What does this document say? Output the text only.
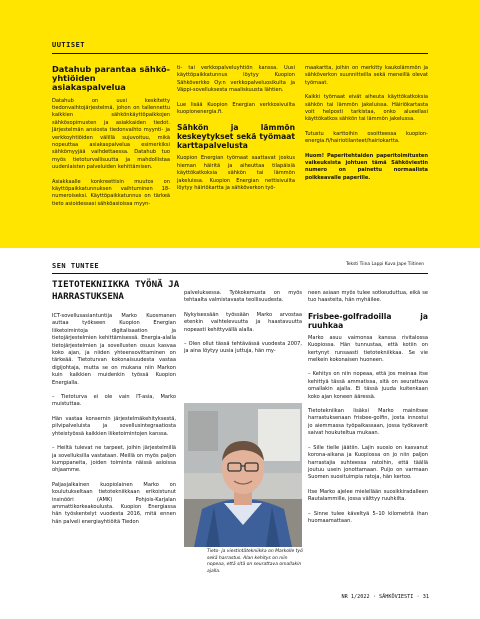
UUTISET
Datahub parantaa sähköyhtiöiden asiakaspalvelua

Datahub on uusi keskitetty tiedonvaihtojärjestelmä, johon on tallennettu kaikkien sähkönkäyttöpaikkojen sähkösopimusten ja asiakkaiden tiedot. Järjestelmän ansiosta tiedonvaihto myynti- ja verkkoyhtiöiden välillä sujuvoituu, mikä nopeuttaa asiakaspalvelua esimerkiksi sähkömyyjää vaihdettaessa. Datahub tuo myös tietoturvallisuutta ja mahdollistaa uudenlaisten palveluiden kehittämisen.

Asiakkaalle konkreettisin muutos on käyttöpaikkatunnuksen vaihtuminen 18-numeroiseksi. Käyttöpaikkatunnus on tärkeä tieto asioidessasi sähköasioissa myyn-

ti- tai verkkopalveluyhtiön kanssa. Uusi käyttöpaikkatunnus löytyy Kuopion Sähköverkko Oy:n verkkopalveluosikulta ja Väppi-sovelluksesta maaliskuusta lähtien.

Lue lisää Kuopion Energian verkkosivuilta kuopionenergia.fi.

Sähkön ja lämmön keskeytykset sekä työmaat karttapalvelusta

Kuopion Energian työmaat saattavat joskus hieman häiritä ja aiheuttaa tilapäisiä käyttökatkoksia sähkön tai lämmön jakeluissa. Kuopion Energian nettisivuilta löytyy häiriökartta ja sähköverkon työ-

maakartta, joihin on merkitty kaukolämmön ja sähköverkon suunnitteilla sekä meneillä olevat työmaat.

Kaikki työmaat eivät aiheuta käyttökatkoksia sähkön tai lämmön jakeluissa. Häiriökartasta voit helposti tarkistaa, onko alueellasi käyttökatkos sähkön tai lämmön jakelussa.

Tutustu karttoihin osoitteessa kuopionenergia.fi/hairiotilanteet/hairiokartta.

Huom! Paperitehtaiden paperitoimitusten vaikeuksista johtuen tämä Sähköviestin numero on painettu normaalista poikkeavalle paperille.

SEN TUNTEE	Teksti Tiina Lappi Kuva Jape Tiitinen
TIETOTEKNIIKKA TYÖNÄ JA HARRASTUKSENA

ICT-sovellusasiantuntija Marko Kuosmanen auttaa työkseen Kuopion Energian liiketoimintoja digitalisaation ja tietojärjestelmien kehittämisessä. Energia-alalla tietojärjestelmien ja sovellusten osuus kasvaa koko ajan, ja niiden yhteensovittaminen on tärkeää. Tietoturvan kokonaisuudesta vastaa digijohtaja, mutta se on mukana niin Markon kuin kaikkien muidenkin työssä Kuopion Energialla.

– Tietoturva ei ole vain IT-asia, Marko muistuttaa.

Hän vastaa konsernin järjestelmäkehityksestä, pilvipalveluista ja sovellusintegraatiosta yhteistyössä kaikkien liiketoimintojen kanssa.

– Heiltä tulevat ne tarpeet, joihin järjestelmillä ja sovelluksilla vastataan. Meillä on myös paljon kumppaneita, joiden toiminta näissä asioissa ohjaamme.

Paljasjalkainen kuopiolainen Marko on koulutukseltaan tietotekniikkaan erikoistunut insinööri (AMK) Pohjois-Karjalan ammattikorkeakoulusta. Kuopion Energiassa hän työskentelyt vuodesta 2016, mitä ennen hän palveli energiayhtiöitä Tiedon

palveluksessa. Työkokemusta on myös tehtaalta valmistavasta teollisuudesta.

Nykyisessään työssään Marko arvostaa etenkin vaihtelevuutta ja haastavuutta nopeasti kehittyvällä alalla.

– Olen ollut tässä tehtävässä vuodesta 2007, ja aina löytyy uusia juttuja, hän my-

Tieto- ja viestintätekniikka on Markolle työ sekä harrastus. Alan kehitys on niin nopeaa, että sitä on seurattava omallakin ajalla.

neen asiaan myös tulee sotkeuduttua, eikä se tuo haasteita, hän myhäilee.

Frisbee-golfradoilla ja ruuhkaa

Marko asuu vaimonsa kanssa rivitalossa Kuopiossa. Hän tunnustaa, että kotiin on kertynyt runsaasti tietotekniikkaa. Se vie melkein kokonaisen huoneen.

– Kehitys on niin nopeaa, että jos meinaa itse kehittyä tässä ammatissa, sitä on seurattava omallakin ajalla. Ei tässä juuda kuitenkaan koko ajan koneen ääressä.

Tietotekniikan lisäksi Marko mainitsee harrastuksenaan frisbee-golfin, josta innostui jo aiemmassa työpaikassaan, jossa työkaverit saivat houkuteltua mukaan.

– Sille tielle jäätiin. Lajin suosio on kasvanut korona-aikana ja Kuopiossa on jo niin paljon harrastajia suhteessa ratoihin, että täällä joutuu usein jonottamaan. Puijo on varmaan Suomen suosituimpia ratoja, hän kertoo.

Itse Marko ajelee mielellään suosikkiradalleen Rautalammille, jossa välttyy ruuhkilta.

– Sinne tulee käveltyä 5–10 kilometriä ihan huomaamattaan.

NR 1/2022 · SÄHKÖVIESTI · 31
